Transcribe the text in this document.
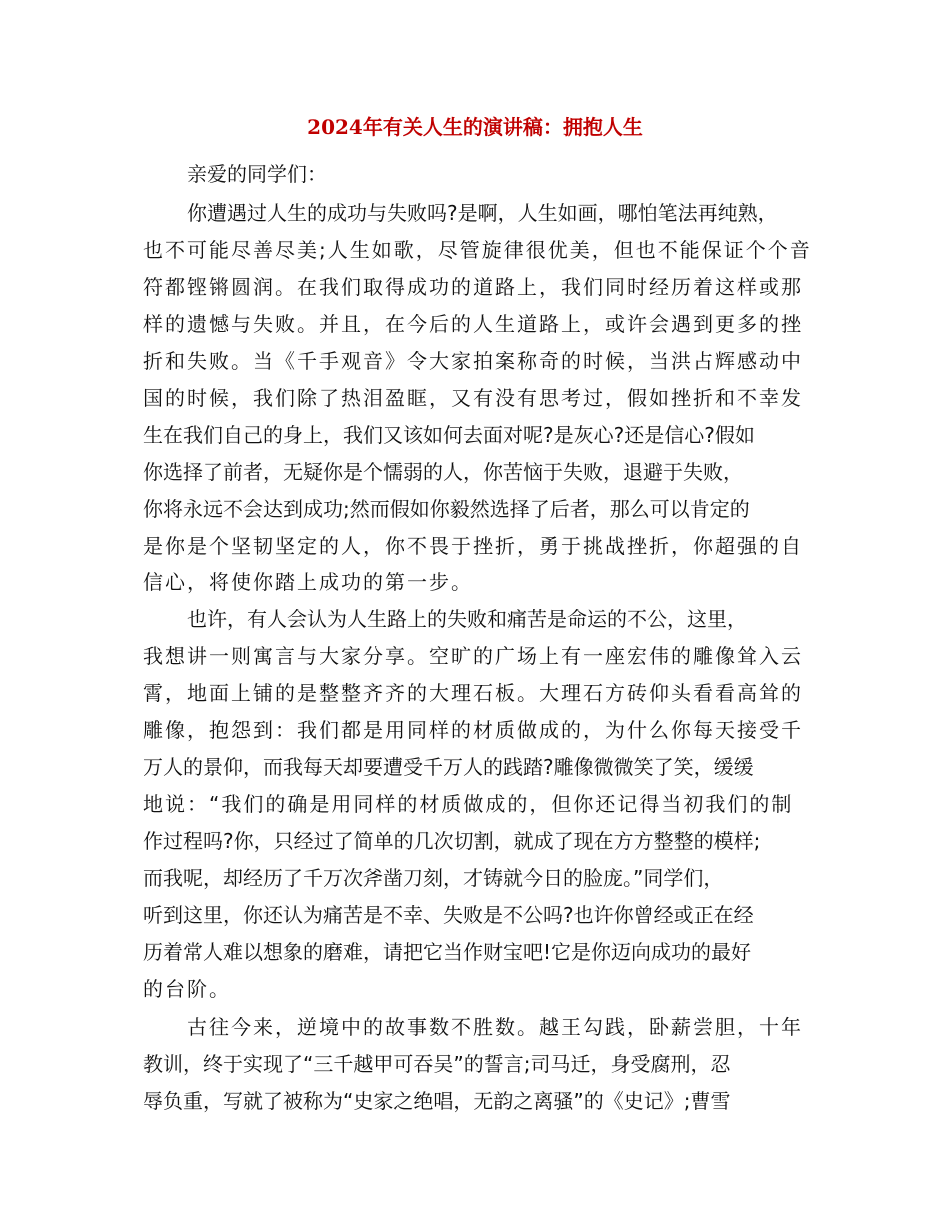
2024年有关人生的演讲稿：拥抱人生
亲爱的同学们：
你遭遇过人生的成功与失败吗?是啊，人生如画，哪怕笔法再纯熟，
也不可能尽善尽美;人生如歌，尽管旋律很优美，但也不能保证个个音
符都铿锵圆润。在我们取得成功的道路上，我们同时经历着这样或那
样的遗憾与失败。并且，在今后的人生道路上，或许会遇到更多的挫
折和失败。当《千手观音》令大家拍案称奇的时候，当洪占辉感动中
国的时候，我们除了热泪盈眶，又有没有思考过，假如挫折和不幸发
生在我们自己的身上，我们又该如何去面对呢?是灰心?还是信心?假如
你选择了前者，无疑你是个懦弱的人，你苦恼于失败，退避于失败，
你将永远不会达到成功;然而假如你毅然选择了后者，那么可以肯定的
是你是个坚韧坚定的人，你不畏于挫折，勇于挑战挫折，你超强的自
信心，将使你踏上成功的第一步。
也许，有人会认为人生路上的失败和痛苦是命运的不公，这里，
我想讲一则寓言与大家分享。空旷的广场上有一座宏伟的雕像耸入云
霄，地面上铺的是整整齐齐的大理石板。大理石方砖仰头看看高耸的
雕像，抱怨到：我们都是用同样的材质做成的，为什么你每天接受千
万人的景仰，而我每天却要遭受千万人的践踏?雕像微微笑了笑，缓缓
地说：“我们的确是用同样的材质做成的，但你还记得当初我们的制
作过程吗?你，只经过了简单的几次切割，就成了现在方方整整的模样;
而我呢，却经历了千万次斧凿刀刻，才铸就今日的脸庞。”同学们，
听到这里，你还认为痛苦是不幸、失败是不公吗?也许你曾经或正在经
历着常人难以想象的磨难，请把它当作财宝吧!它是你迈向成功的最好
的台阶。
古往今来，逆境中的故事数不胜数。越王勾践，卧薪尝胆，十年
教训，终于实现了“三千越甲可吞吴”的誓言;司马迁，身受腐刑，忍
辱负重，写就了被称为“史家之绝唱，无韵之离骚”的《史记》;曹雪
